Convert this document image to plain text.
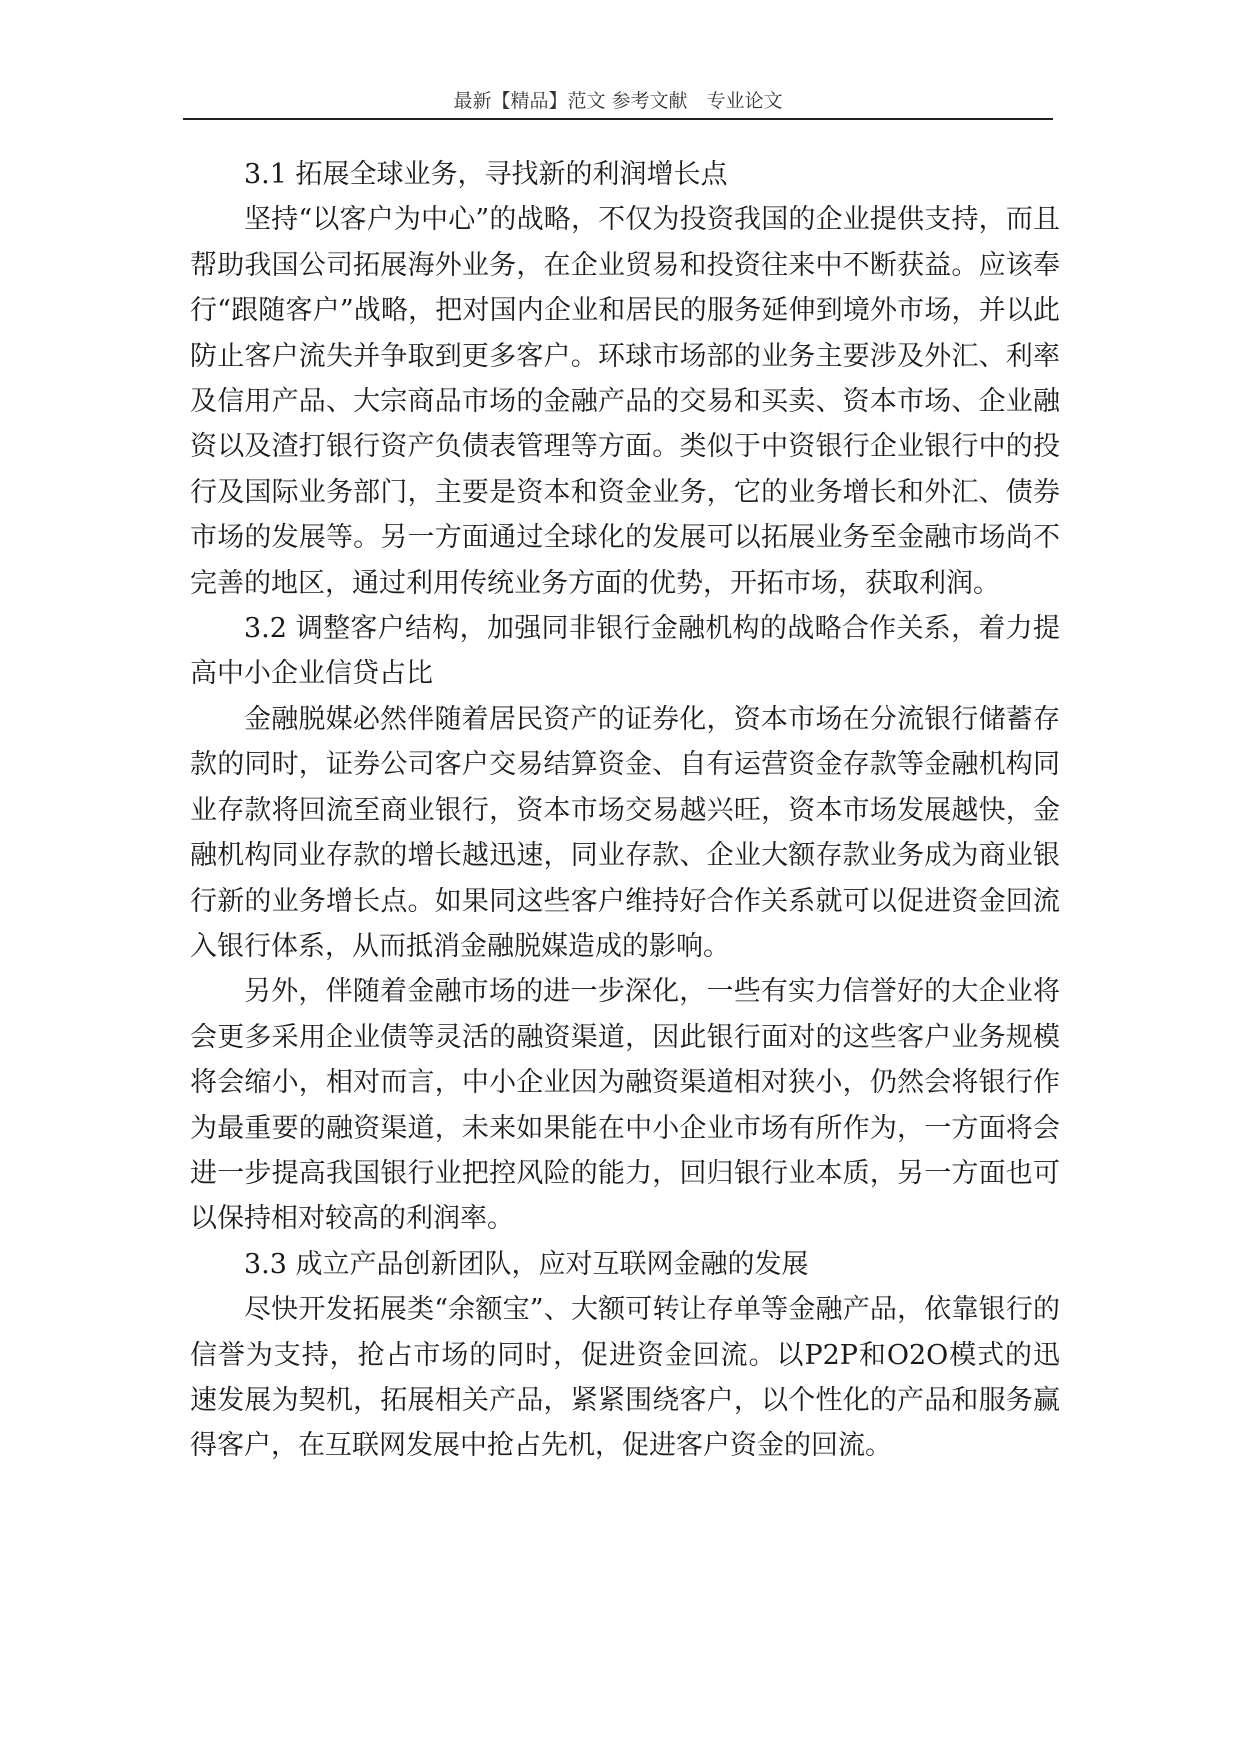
最新【精品】范文 参考文献　专业论文

3.1 拓展全球业务，寻找新的利润增长点

坚持“以客户为中心”的战略，不仅为投资我国的企业提供支持，而且帮助我国公司拓展海外业务，在企业贸易和投资往来中不断获益。应该奉行“跟随客户”战略，把对国内企业和居民的服务延伸到境外市场，并以此防止客户流失并争取到更多客户。环球市场部的业务主要涉及外汇、利率及信用产品、大宗商品市场的金融产品的交易和买卖、资本市场、企业融资以及渣打银行资产负债表管理等方面。类似于中资银行企业银行中的投行及国际业务部门，主要是资本和资金业务，它的业务增长和外汇、债券市场的发展等。另一方面通过全球化的发展可以拓展业务至金融市场尚不完善的地区，通过利用传统业务方面的优势，开拓市场，获取利润。

3.2 调整客户结构，加强同非银行金融机构的战略合作关系，着力提高中小企业信贷占比

金融脱媒必然伴随着居民资产的证券化，资本市场在分流银行储蓄存款的同时，证券公司客户交易结算资金、自有运营资金存款等金融机构同业存款将回流至商业银行，资本市场交易越兴旺，资本市场发展越快，金融机构同业存款的增长越迅速，同业存款、企业大额存款业务成为商业银行新的业务增长点。如果同这些客户维持好合作关系就可以促进资金回流入银行体系，从而抵消金融脱媒造成的影响。

另外，伴随着金融市场的进一步深化，一些有实力信誉好的大企业将会更多采用企业债等灵活的融资渠道，因此银行面对的这些客户业务规模将会缩小，相对而言，中小企业因为融资渠道相对狭小，仍然会将银行作为最重要的融资渠道，未来如果能在中小企业市场有所作为，一方面将会进一步提高我国银行业把控风险的能力，回归银行业本质，另一方面也可以保持相对较高的利润率。

3.3 成立产品创新团队，应对互联网金融的发展

尽快开发拓展类“余额宝”、大额可转让存单等金融产品，依靠银行的信誉为支持，抢占市场的同时，促进资金回流。以P2P和O2O模式的迅速发展为契机，拓展相关产品，紧紧围绕客户，以个性化的产品和服务赢得客户，在互联网发展中抢占先机，促进客户资金的回流。
